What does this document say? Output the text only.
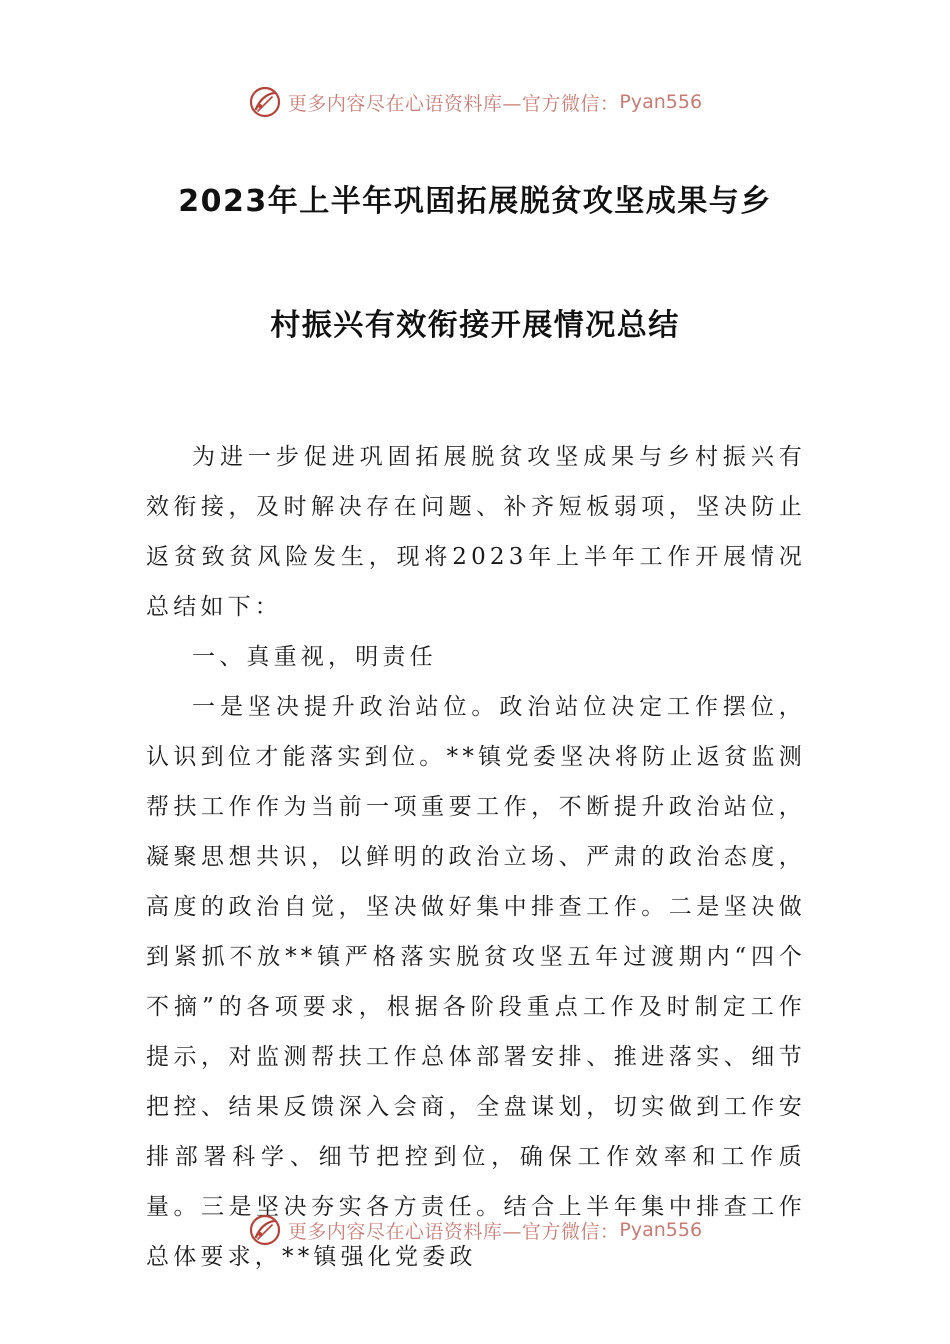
更多内容尽在心语资料库—官方微信： Pyan556
2023年上半年巩固拓展脱贫攻坚成果与乡
村振兴有效衔接开展情况总结

为进一步促进巩固拓展脱贫攻坚成果与乡村振兴有效衔接，及时解决存在问题、补齐短板弱项，坚决防止返贫致贫风险发生，现将2023年上半年工作开展情况总结如下：

一、真重视，明责任

一是坚决提升政治站位。政治站位决定工作摆位，认识到位才能落实到位。**镇党委坚决将防止返贫监测帮扶工作作为当前一项重要工作，不断提升政治站位，凝聚思想共识，以鲜明的政治立场、严肃的政治态度，高度的政治自觉，坚决做好集中排查工作。二是坚决做到紧抓不放**镇严格落实脱贫攻坚五年过渡期内“四个不摘”的各项要求，根据各阶段重点工作及时制定工作提示，对监测帮扶工作总体部署安排、推进落实、细节把控、结果反馈深入会商，全盘谋划，切实做到工作安排部署科学、细节把控到位，确保工作效率和工作质量。三是坚决夯实各方责任。结合上半年集中排查工作总体要求，**镇强化党委政

更多内容尽在心语资料库—官方微信： Pyan556
